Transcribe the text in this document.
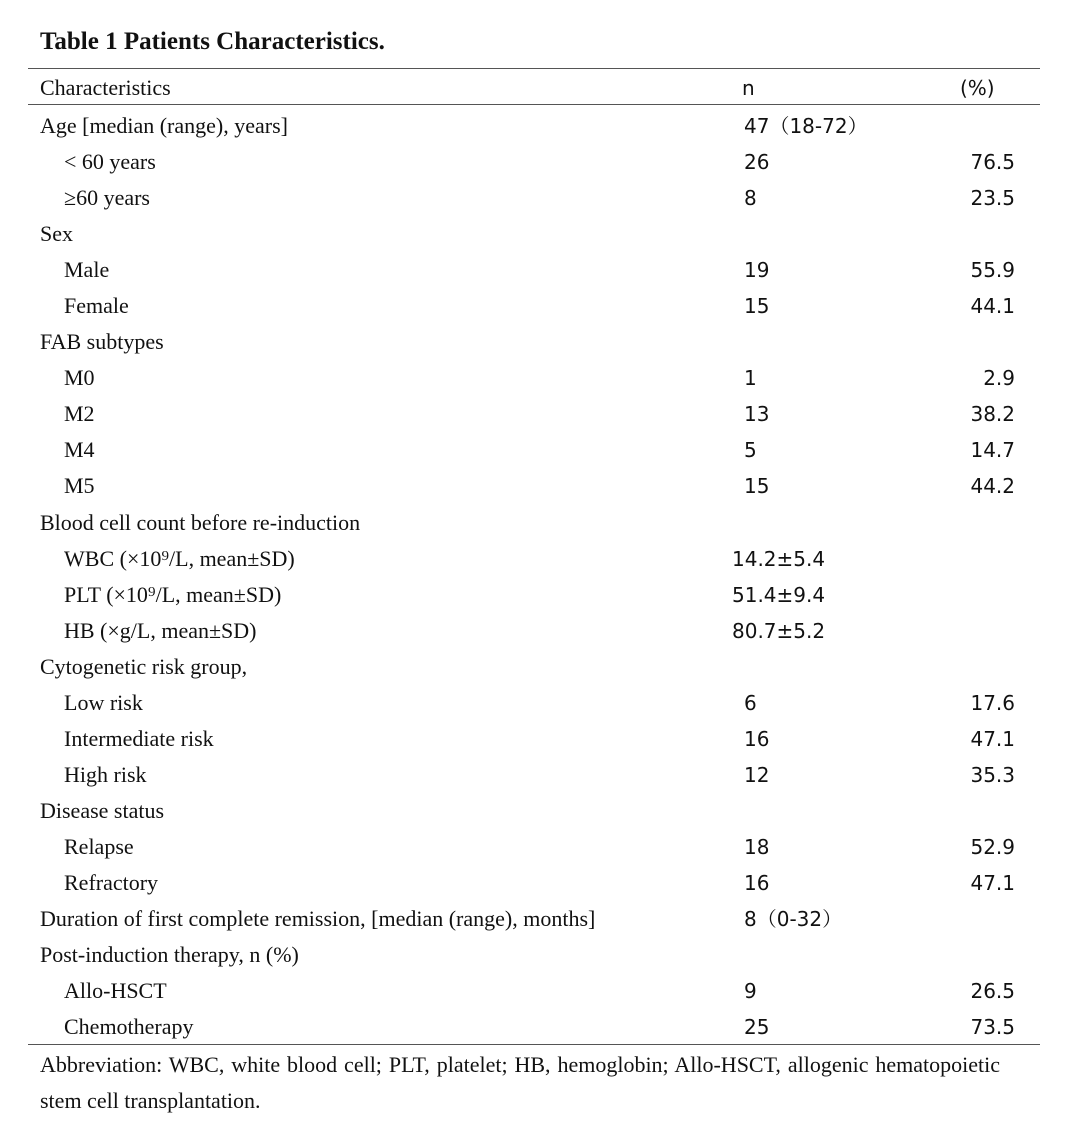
Table 1 Patients Characteristics.
Characteristics	n	(%)
Age [median (range), years]	47（18-72）
< 60 years	26	76.5
≥60 years	8	23.5
Sex
Male	19	55.9
Female	15	44.1
FAB subtypes
M0	1	2.9
M2	13	38.2
M4	5	14.7
M5	15	44.2
Blood cell count before re-induction
WBC (×10⁹/L, mean±SD)	14.2±5.4
PLT (×10⁹/L, mean±SD)	51.4±9.4
HB (×g/L, mean±SD)	80.7±5.2
Cytogenetic risk group,
Low risk	6	17.6
Intermediate risk	16	47.1
High risk	12	35.3
Disease status
Relapse	18	52.9
Refractory	16	47.1
Duration of first complete remission, [median (range), months]	8（0-32）
Post-induction therapy, n (%)
Allo-HSCT	9	26.5
Chemotherapy	25	73.5
Abbreviation: WBC, white blood cell; PLT, platelet; HB, hemoglobin; Allo-HSCT, allogenic hematopoietic stem cell transplantation.
